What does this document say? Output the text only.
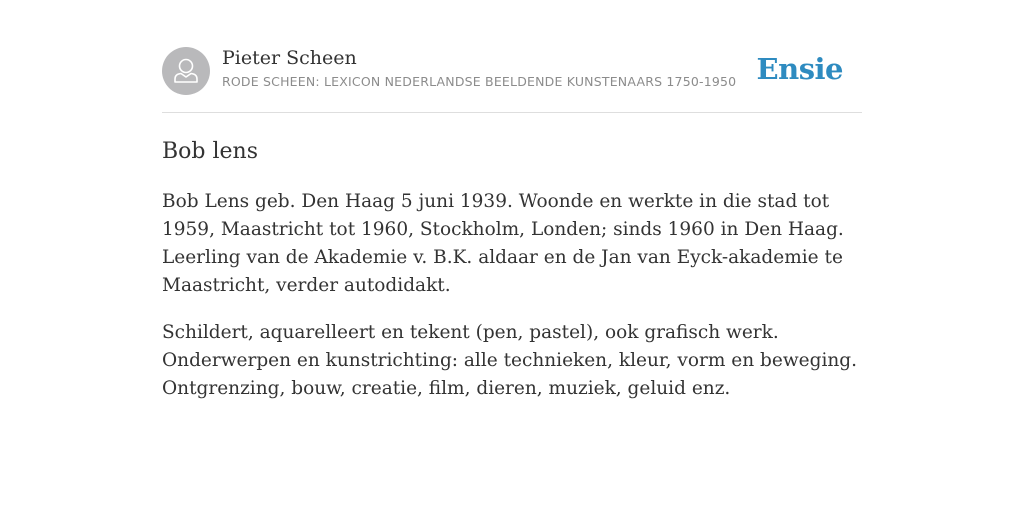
Pieter Scheen
RODE SCHEEN: LEXICON NEDERLANDSE BEELDENDE KUNSTENAARS 1750-1950 Ensie
Bob lens

Bob Lens geb. Den Haag 5 juni 1939. Woonde en werkte in die stad tot 1959, Maastricht tot 1960, Stockholm, Londen; sinds 1960 in Den Haag. Leerling van de Akademie v. B.K. aldaar en de Jan van Eyck-akademie te Maastricht, verder autodidakt.

Schildert, aquarelleert en tekent (pen, pastel), ook grafisch werk. Onderwerpen en kunstrichting: alle technieken, kleur, vorm en beweging. Ontgrenzing, bouw, creatie, film, dieren, muziek, geluid enz.
